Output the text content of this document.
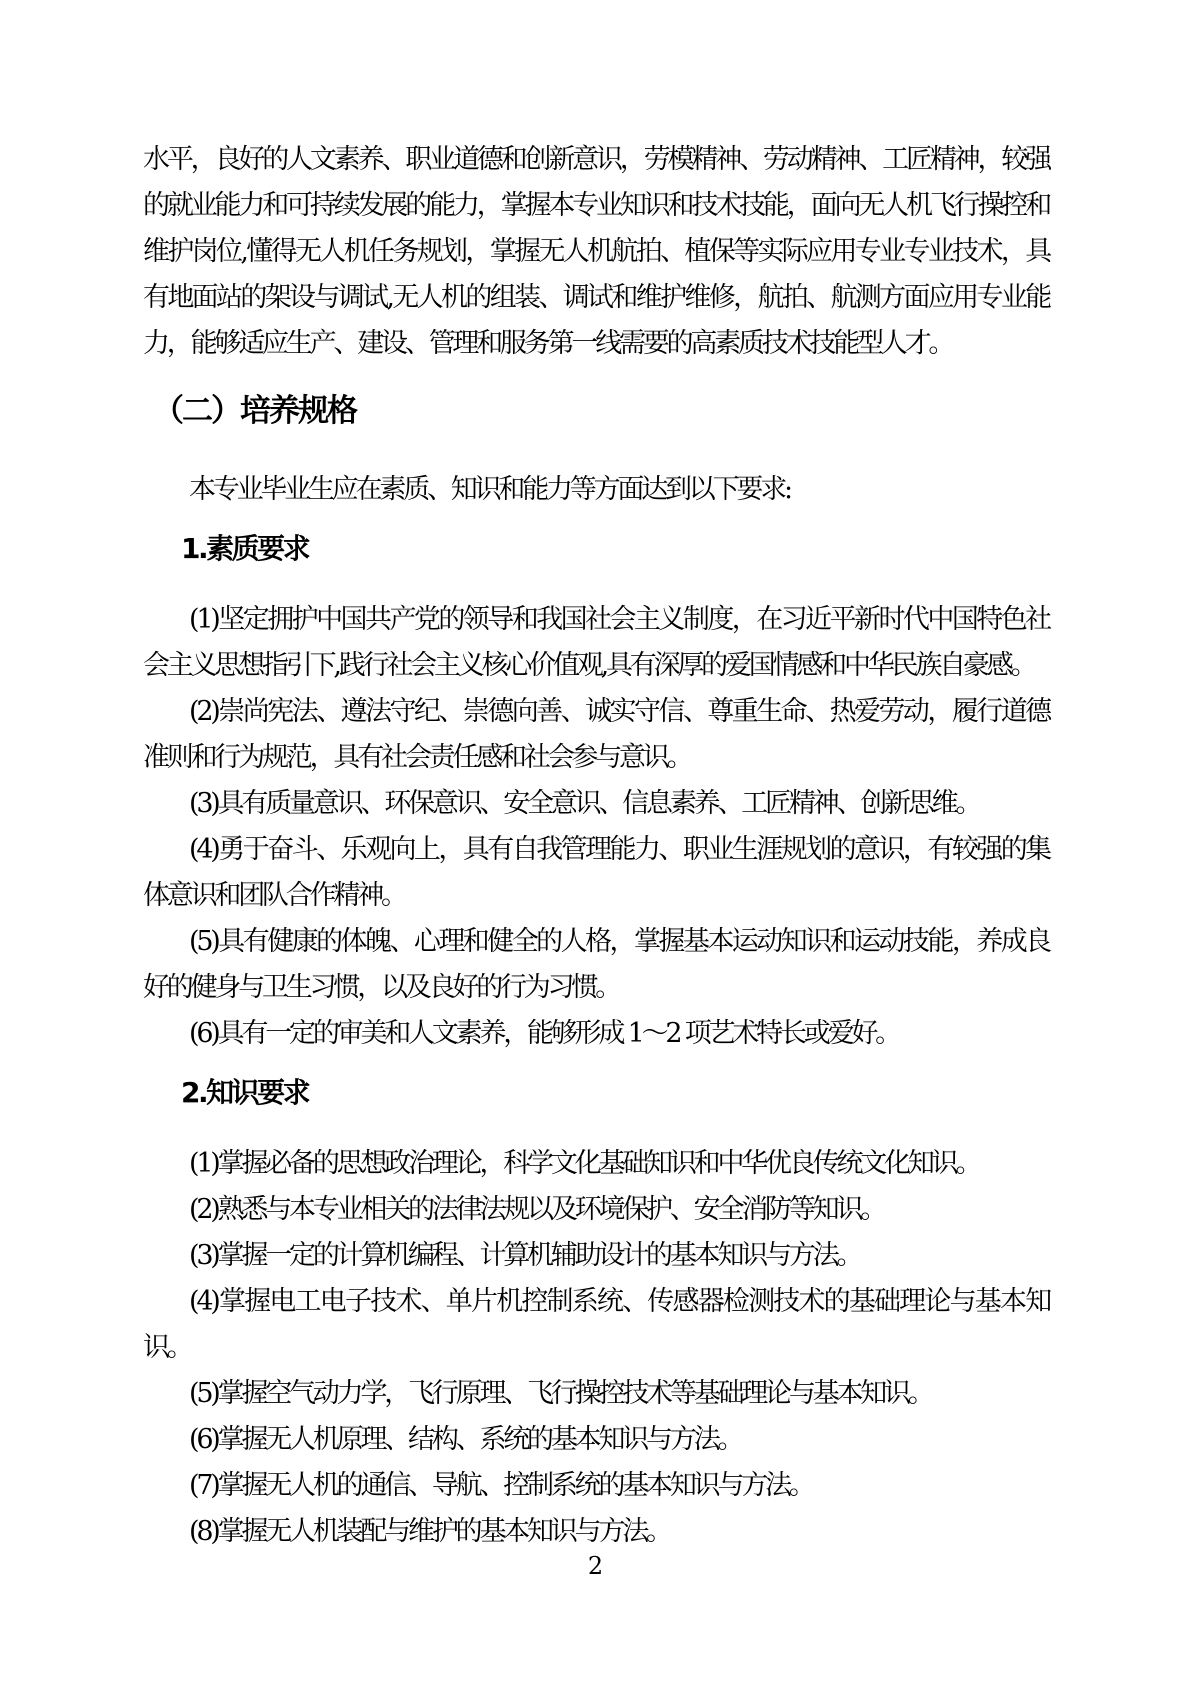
水平，良好的人文素养、职业道德和创新意识，劳模精神、劳动精神、工匠精神，较强的就业能力和可持续发展的能力，掌握本专业知识和技术技能，面向无人机飞行操控和维护岗位,懂得无人机任务规划，掌握无人机航拍、植保等实际应用专业专业技术，具有地面站的架设与调试,无人机的组装、调试和维护维修，航拍、航测方面应用专业能力，能够适应生产、建设、管理和服务第一线需要的高素质技术技能型人才。

（二）培养规格

本专业毕业生应在素质、知识和能力等方面达到以下要求:

1.素质要求

(1)坚定拥护中国共产党的领导和我国社会主义制度，在习近平新时代中国特色社会主义思想指引下,践行社会主义核心价值观,具有深厚的爱国情感和中华民族自豪感。

(2)崇尚宪法、遵法守纪、崇德向善、诚实守信、尊重生命、热爱劳动，履行道德准则和行为规范，具有社会责任感和社会参与意识。

(3)具有质量意识、环保意识、安全意识、信息素养、工匠精神、创新思维。

(4)勇于奋斗、乐观向上，具有自我管理能力、职业生涯规划的意识，有较强的集体意识和团队合作精神。

(5)具有健康的体魄、心理和健全的人格，掌握基本运动知识和运动技能，养成良好的健身与卫生习惯，以及良好的行为习惯。

(6)具有一定的审美和人文素养，能够形成 1～2 项艺术特长或爱好。

2.知识要求

(1)掌握必备的思想政治理论，科学文化基础知识和中华优良传统文化知识。

(2)熟悉与本专业相关的法律法规以及环境保护、安全消防等知识。

(3)掌握一定的计算机编程、计算机辅助设计的基本知识与方法。

(4)掌握电工电子技术、单片机控制系统、传感器检测技术的基础理论与基本知识。

(5)掌握空气动力学，飞行原理、飞行操控技术等基础理论与基本知识。

(6)掌握无人机原理、结构、系统的基本知识与方法。

(7)掌握无人机的通信、导航、控制系统的基本知识与方法。

(8)掌握无人机装配与维护的基本知识与方法。

2
